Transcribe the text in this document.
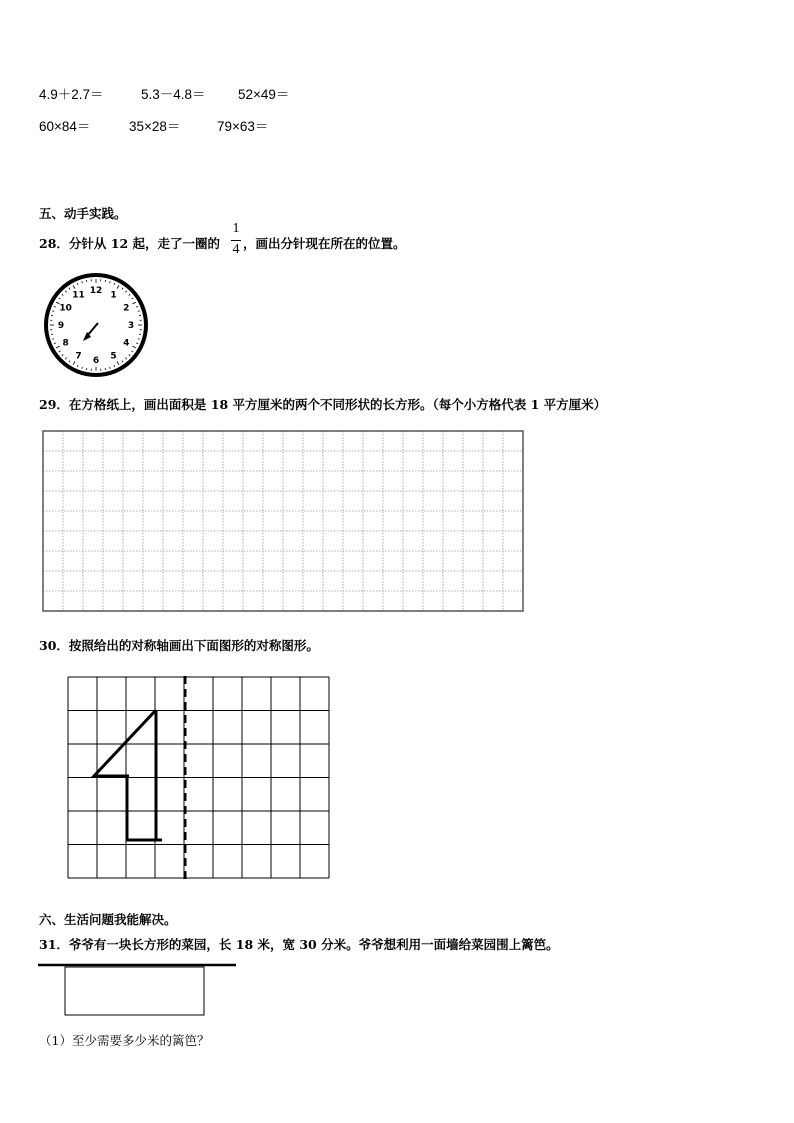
4.9＋2.7＝	5.3－4.8＝ 52×49＝
60×84＝	35×28＝	79×63＝
五、动手实践。
28．分针从 12 起，走了一圈的
1
4 ，画出分针现在所在的位置。
12 1
2
3
4
5
6
7
8
9
10
11
29．在方格纸上，画出面积是 18 平方厘米的两个不同形状的长方形。（每个小方格代表 1 平方厘米）
30．按照给出的对称轴画出下面图形的对称图形。
六、生活问题我能解决。
31．爷爷有一块长方形的菜园，长 18 米，宽 30 分米。爷爷想利用一面墙给菜园围上篱笆。
（1）至少需要多少米的篱笆？
